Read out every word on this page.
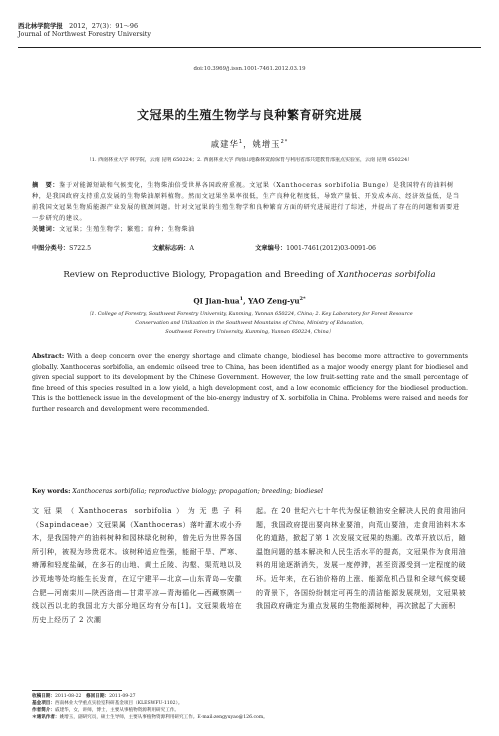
西北林学院学报　 2012，27(3)：91～96
Journal of Northwest Forestry University
doi:10.3969/j.issn.1001-7461.2012.03.19
文冠果的生殖生物学与良种繁育研究进展
戚建华$^1$，姚增玉$^{2*}$
（1. 西南林业大学 林学院，云南 昆明 650224；2. 西南林业大学 西南山地森林资源保育与利用省部共建教育部重点实验室，云南 昆明 650224）
摘　要：鉴于对能源短缺和气候变化，生物柴油倍受世界各国政府重视。文冠果（Xanthoceras sorbifolia Bunge）是我国特有的油料树种，是我国政府支持重点发展的生物柴油原料植物。然而文冠果坐果率很低，生产良种化程度低，导致产量低、开发成本高、经济效益低，是当前我国文冠果生物质能源产业发展的瓶颈问题。针对文冠果的生殖生物学和良种繁育方面的研究进展进行了综述，并提出了存在的问题和需要进一步研究的建议。
关键词：文冠果；生殖生物学；繁殖；育种；生物柴油
中图分类号：S722.5	文献标志码：A	文章编号：1001-7461(2012)03-0091-06
Review on Reproductive Biology, Propagation and Breeding of Xanthoceras sorbifolia
QI Jian-hua$^1$, YAO Zeng-$yu^{2*}$
（1. College of Forestry, Southwest Forestry University, Kunming, Yunnan 650224, China; 2. Key Laboratory for Forest Resource
Conservation and Utilization in the Southwest Mountains of China, Ministry of Education,
Southwest Forestry University, Kunming, Yunnan 650224, China）
Abstract: With a deep concern over the energy shortage and climate change, biodiesel has become more attractive to governments globally. Xanthoceras sorbifolia, an endemic oilseed tree to China, has been identified as a major woody energy plant for biodiesel and given special support to its development by the Chinese Government. However, the low fruit-setting rate and the small percentage of fine breed of this species resulted in a low yield, a high development cost, and a low economic efficiency for the biodiesel production. This is the bottleneck issue in the development of the bio-energy industry of X. sorbifolia in China. Problems were raised and needs for further research and development were recommended.
Key words: Xanthoceras sorbifolia; reproductive biology; propagation; breeding; biodiesel
文冠果（Xanthoceras sorbifolia）为无患子科（Sapindaceae）文冠果属（Xanthoceras）落叶灌木或小乔木，是我国特产的油料树种和园林绿化树种，曾先后为世界各国所引种，被视为珍贵花木。该树种适应性强，能耐干旱、严寒、瘠薄和轻度盐碱，在多石的山地、黄土丘陵、沟壑、渠荒地以及沙荒地等处均能生长发育，在辽宁建平—北京—山东青岛—安徽合肥—河南栾川—陕西洛南—甘肃平凉—青海循化—西藏察隅一线以西以北的我国北方大部分地区均有分布[1]。文冠果栽培在历史上经历了 2 次潮
起。在 20 世纪六七十年代为保证粮油安全解决人民的食用油问题，我国政府提出要向林业要油，向荒山要油，走食用油料木本化的道路，掀起了第 1 次发展文冠果的热潮。改革开放以后，随温饱问题的基本解决和人民生活水平的提高，文冠果作为食用油料的用途逐渐消失，发展一度停滞，甚至资源受到一定程度的破坏。近年来，在石油价格的上涨、能源危机凸显和全球气候变暖的背景下，各国纷纷制定可再生的清洁能源发展规划，文冠果被我国政府确定为重点发展的生物能源树种，再次掀起了大面积
收稿日期：2011-08-22　 修回日期：2011-09-27
基金项目：西南林业大学重点实验室科研基金项目（KLESWFU-1102）。
作者简介：戚建华，女，讲师，博士，主要从事植物资源利用研究工作。
＊通讯作者：姚增玉，副研究员，硕士生导师，主要从事植物资源利用研究工作。E-mail:zengyuyao@126.com。
